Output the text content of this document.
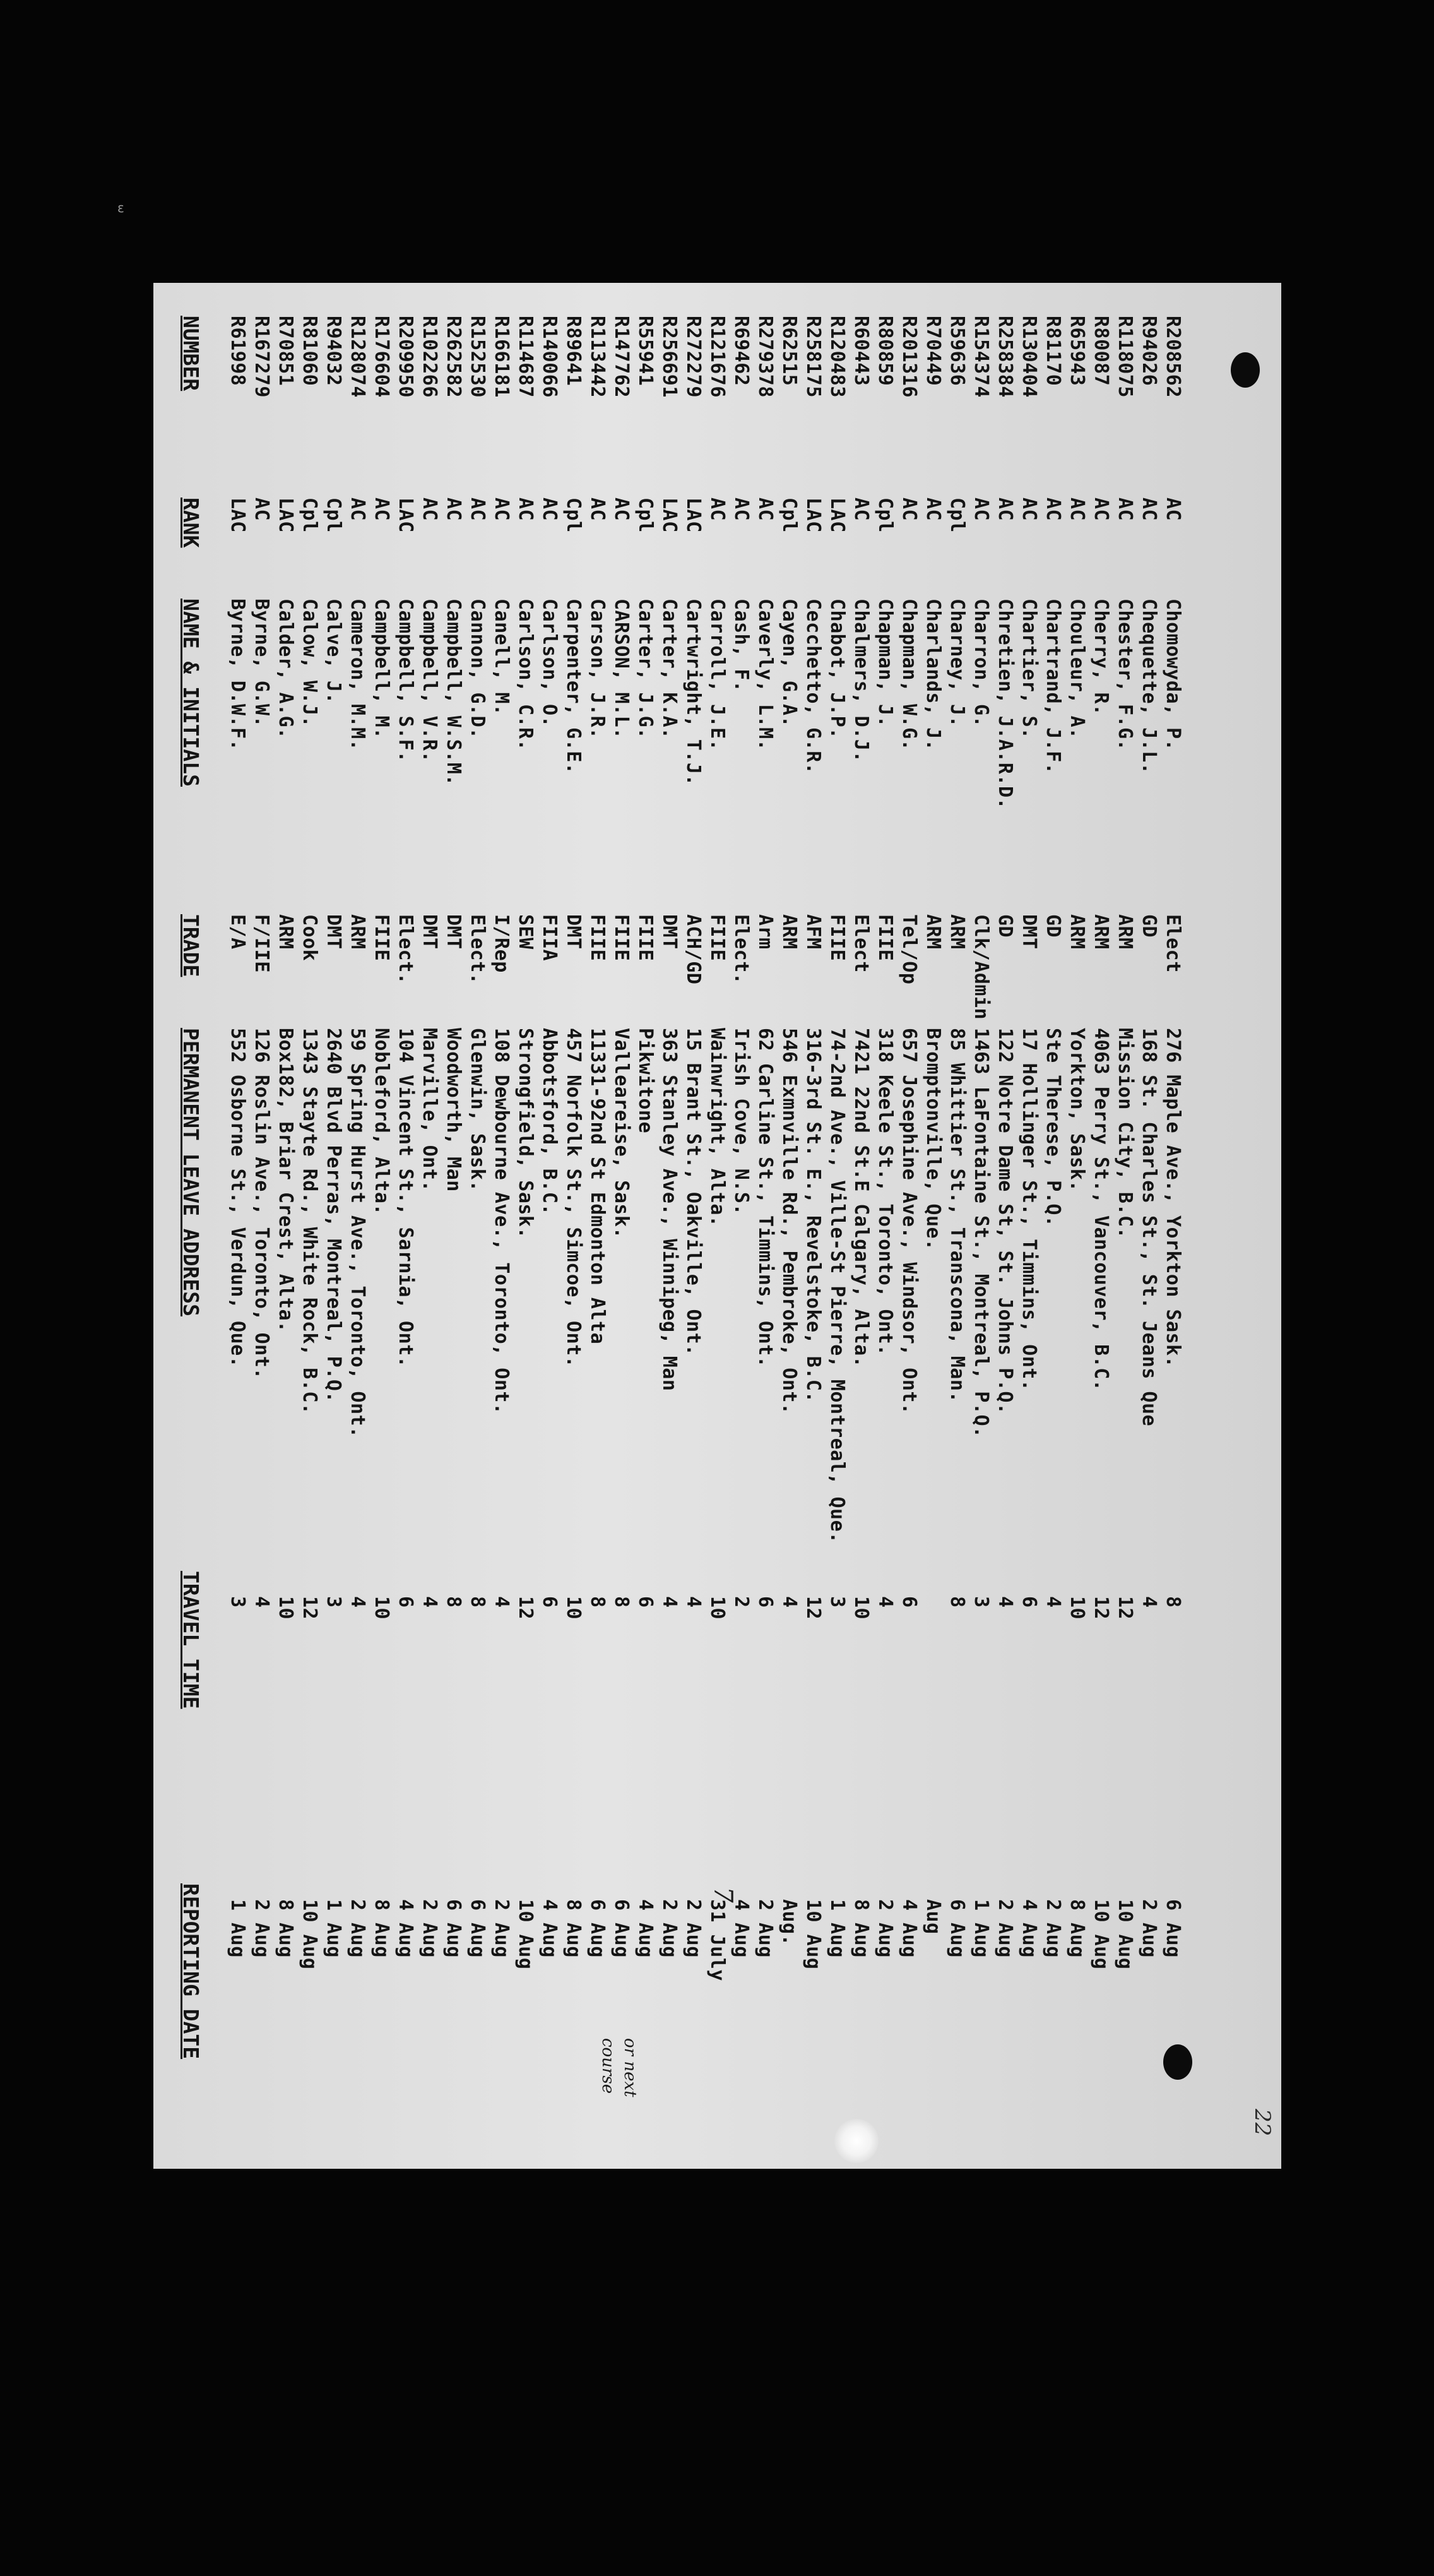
ε
NUMBER
RANK
NAME & INITIALS
TRADE
PERMANENT LEAVE ADDRESS
TRAVEL TIME
REPORTING DATE
R61998
LAC
Byrne, D.W.F.
E/A
552 Osborne St., Verdun, Que.
3
1 Aug
R167279
AC
Byrne, G.W.
F/IIE
126 Roslin Ave., Toronto, Ont.
4
2 Aug
R70851
LAC
Calder, A.G.
ARM
Box182, Briar Crest, Alta.
10
8 Aug
R81060
Cpl
Calow, W.J.
Cook
1343 Stayte Rd., White Rock, B.C.
12
10 Aug
R94032
Cpl
Calve, J.
DMT
2640 Blvd Perras, Montreal, P.Q.
3
1 Aug
R128074
AC
Cameron, M.M.
ARM
59 Spring Hurst Ave., Toronto, Ont.
4
2 Aug
R176604
AC
Campbell, M.
FIIE
Nobleford, Alta.
10
8 Aug
R209950
LAC
Campbell, S.F.
Elect.
104 Vincent St., Sarnia, Ont.
6
4 Aug
R102266
AC
Campbell, V.R.
DMT
Marville, Ont.
4
2 Aug
R262582
AC
Campbell, W.S.M.
DMT
Woodworth, Man
8
6 Aug
R152530
AC
Cannon, G.D.
Elect.
Glenwin, Sask.
8
6 Aug
R166181
AC
Canell, M.
I/Rep
108 Dewbourne Ave., Toronto, Ont.
4
2 Aug
R114687
AC
Carlson, C.R.
SEW
Strongfield, Sask.
12
10 Aug
R140066
AC
Carlson, O.
FIIA
Abbotsford, B.C.
6
4 Aug
R89641
Cpl
Carpenter, G.E.
DMT
457 Norfolk St., Simcoe, Ont.
10
8 Aug
R113442
AC
Carson, J.R.
FIIE
11331-92nd St Edmonton Alta
8
6 Aug
R147762
AC
CARSON, M.L.
FIIE
Valleareise, Sask.
8
6 Aug
R55941
Cpl
Carter, J.G.
FIIE
Pikwitone
6
4 Aug
R256691
LAC
Carter, K.A.
DMT
363 Stanley Ave., Winnipeg, Man
4
2 Aug
R272279
LAC
Cartwright, T.J.
ACH/GD
15 Brant St., Oakville, Ont.
4
2 Aug
R121676
AC
Carroll, J.E.
FIIE
Wainwright, Alta.
10
31 July
R69462
AC
Cash, F.
Elect.
Irish Cove, N.S.
2
4 Aug
R279378
AC
Caverly, L.M.
Arm
62 Carline St., Timmins, Ont.
6
2 Aug
R62515
Cpl
Cayen, G.A.
ARM
546 Exmnville Rd., Pembroke, Ont.
4
Aug.
R258175
LAC
Cecchetto, G.R.
AFM
316-3rd St. E., Revelstoke, B.C.
12
10 Aug
R120483
LAC
Chabot, J.P.
FIIE
74-2nd Ave., Ville-St Pierre, Montreal, Que.
3
1 Aug
R60443
AC
Chalmers, D.J.
Elect
7421 22nd St.E Calgary, Alta.
10
8 Aug
R80859
Cpl
Chapman, J.
FIIE
318 Keele St., Toronto, Ont.
4
2 Aug
R201316
AC
Chapman, W.G.
Tel/Op
657 Josephine Ave., Windsor, Ont.
6
4 Aug
R70449
AC
Charlands, J.
ARM
Bromptonville, Que.
Aug
R59636
Cpl
Charney, J.
ARM
85 Whittier St., Transcona, Man.
8
6 Aug
R154374
AC
Charron, G.
Clk/Admin
1463 LaFontaine St., Montreal, P.Q.
3
1 Aug
R258384
AC
Chretien, J.A.R.D.
GD
122 Notre Dame St, St. Johns P.Q.
4
2 Aug
R130404
AC
Chartier, S.
DMT
17 Hollinger St., Timmins, Ont.
6
4 Aug
R81170
AC
Chartrand, J.F.
GD
Ste Therese, P.Q.
4
2 Aug
R65943
AC
Chouleur, A.
ARM
Yorkton, Sask.
10
8 Aug
R80087
AC
Cherry, R.
ARM
4063 Perry St., Vancouver, B.C.
12
10 Aug
R118075
AC
Chester, F.G.
ARM
Mission City, B.C.
12
10 Aug
R94026
AC
Chequette, J.L.
GD
168 St. Charles St., St. Jeans Que
4
2 Aug
R208562
AC
Chomowyda, P.
Elect
276 Maple Ave., Yorkton Sask.
8
6 Aug
7
or next
course
22
